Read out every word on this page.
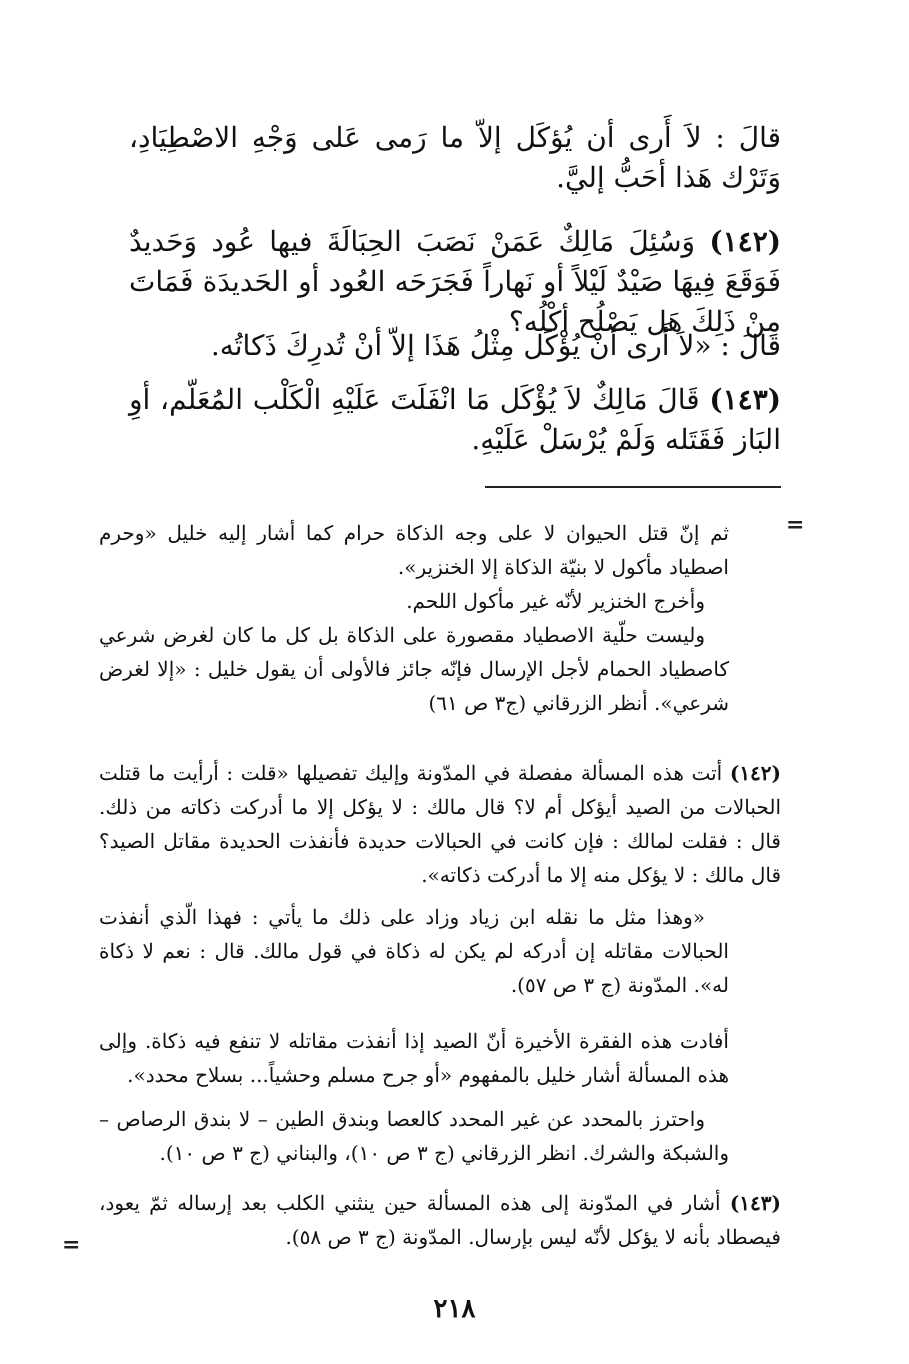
قالَ : لاَ أَرى أن يُؤكَل إلاّ ما رَمى عَلى وَجْهِ الاصْطِيَادِ، وَتَرْك هَذا أحَبُّ إليَّ.

(١٤٢) وَسُئِلَ مَالِكٌ عَمَنْ نَصَبَ الحِبَالَةَ فيها عُود وَحَديدٌ فَوَقَعَ فِيهَا صَيْدٌ لَيْلاً أو نَهاراً فَجَرَحَه العُود أو الحَديدَة فَمَاتَ مِنْ ذَلِكَ هَل يَصْلُح أكْلُه؟

قالَ : «لاَ أَرى أنْ يُؤْكَل مِثْلُ هَذَا إلاّ أنْ تُدرِكَ ذَكاتُه.

(١٤٣) قَالَ مَالِكٌ لاَ يُؤْكَل مَا انْفَلَتَ عَلَيْهِ الْكَلْب المُعَلّم، أوِ البَاز فَقَتَله وَلَمْ يُرْسَلْ عَلَيْهِ.

=

ثم إنّ قتل الحيوان لا على وجه الذكاة حرام كما أشار إليه خليل «وحرم اصطياد مأكول لا بنيّة الذكاة إلا الخنزير».

وأخرج الخنزير لأنّه غير مأكول اللحم.

وليست حلّية الاصطياد مقصورة على الذكاة بل كل ما كان لغرض شرعي كاصطياد الحمام لأجل الإرسال فإنّه جائز فالأولى أن يقول خليل : «إلا لغرض شرعي». أنظر الزرقاني (ج٣ ص ٦١)

(١٤٢) أتت هذه المسألة مفصلة في المدّونة وإليك تفصيلها «قلت : أرأيت ما قتلت الحبالات من الصيد أيؤكل أم لا؟ قال مالك : لا يؤكل إلا ما أدركت ذكاته من ذلك. قال : فقلت لمالك : فإن كانت في الحبالات حديدة فأنفذت الحديدة مقاتل الصيد؟ قال مالك : لا يؤكل منه إلا ما أدركت ذكاته».

«وهذا مثل ما نقله ابن زياد وزاد على ذلك ما يأتي : فهذا الّذي أنفذت الحبالات مقاتله إن أدركه لم يكن له ذكاة في قول مالك. قال : نعم لا ذكاة له». المدّونة (ج ٣ ص ٥٧).

أفادت هذه الفقرة الأخيرة أنّ الصيد إذا أنفذت مقاتله لا تنفع فيه ذكاة. وإلى هذه المسألة أشار خليل بالمفهوم «أو جرح مسلم وحشياً... بسلاح محدد».

واحترز بالمحدد عن غير المحدد كالعصا وبندق الطين – لا بندق الرصاص – والشبكة والشرك. انظر الزرقاني (ج ٣ ص ١٠)، والبناني (ج ٣ ص ١٠).

(١٤٣) أشار في المدّونة إلى هذه المسألة حين ينثني الكلب بعد إرساله ثمّ يعود، فيصطاد بأنه لا يؤكل لأنّه ليس بإرسال. المدّونة (ج ٣ ص ٥٨).

=
٢١٨
